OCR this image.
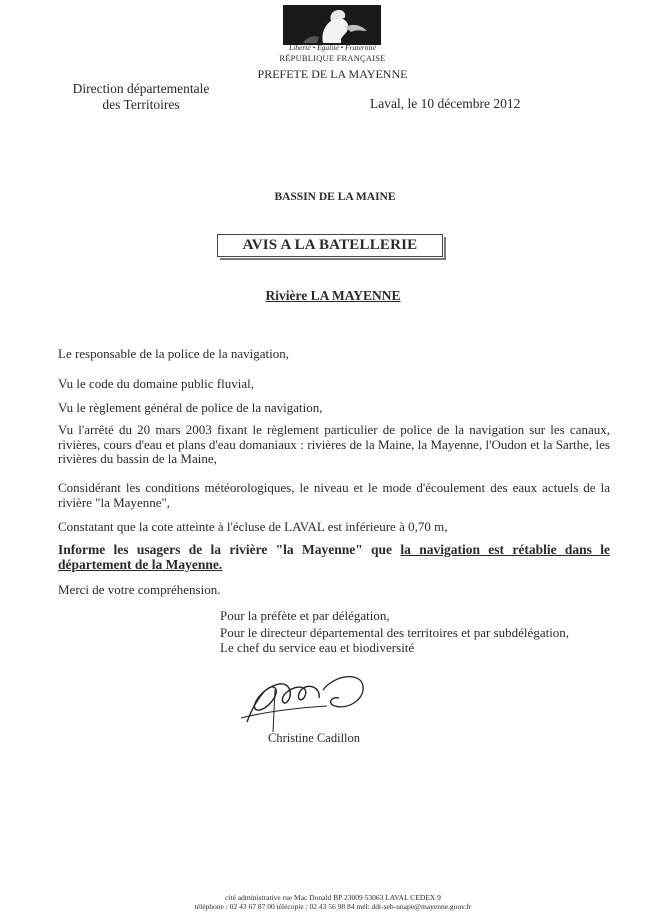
Liberté • Égalité • Fraternité
RÉPUBLIQUE FRANÇAISE
PREFETE DE LA MAYENNE
Direction départementale
des Territoires	Laval, le 10 décembre 2012
BASSIN DE LA MAINE
AVIS A LA BATELLERIE
Rivière LA MAYENNE
Le responsable de la police de la navigation,
Vu le code du domaine public fluvial,
Vu le règlement général de police de la navigation,
Vu l'arrêté du 20 mars 2003 fixant le règlement particulier de police de la navigation sur les canaux, rivières, cours d'eau et plans d'eau domaniaux : rivières de la Maine, la Mayenne, l'Oudon et la Sarthe, les rivières du bassin de la Maine,
Considérant les conditions météorologiques, le niveau et le mode d'écoulement des eaux actuels de la rivière "la Mayenne",
Constatant que la cote atteinte à l'écluse de LAVAL est inférieure à 0,70 m,
Informe les usagers de la rivière "la Mayenne" que la navigation est rétablie dans le département de la Mayenne.
Merci de votre compréhension.
Pour la préfète et par délégation,
Pour le directeur départemental des territoires et par subdélégation,
Le chef du service eau et biodiversité
Christine Cadillon
cité administrative rue Mac Donald BP 23009 53063 LAVAL CEDEX 9
téléphone : 02 43 67 87 00 télécopie : 02 43 56 98 84 mél: ddt-seb-unape@mayenne.gouv.fr
